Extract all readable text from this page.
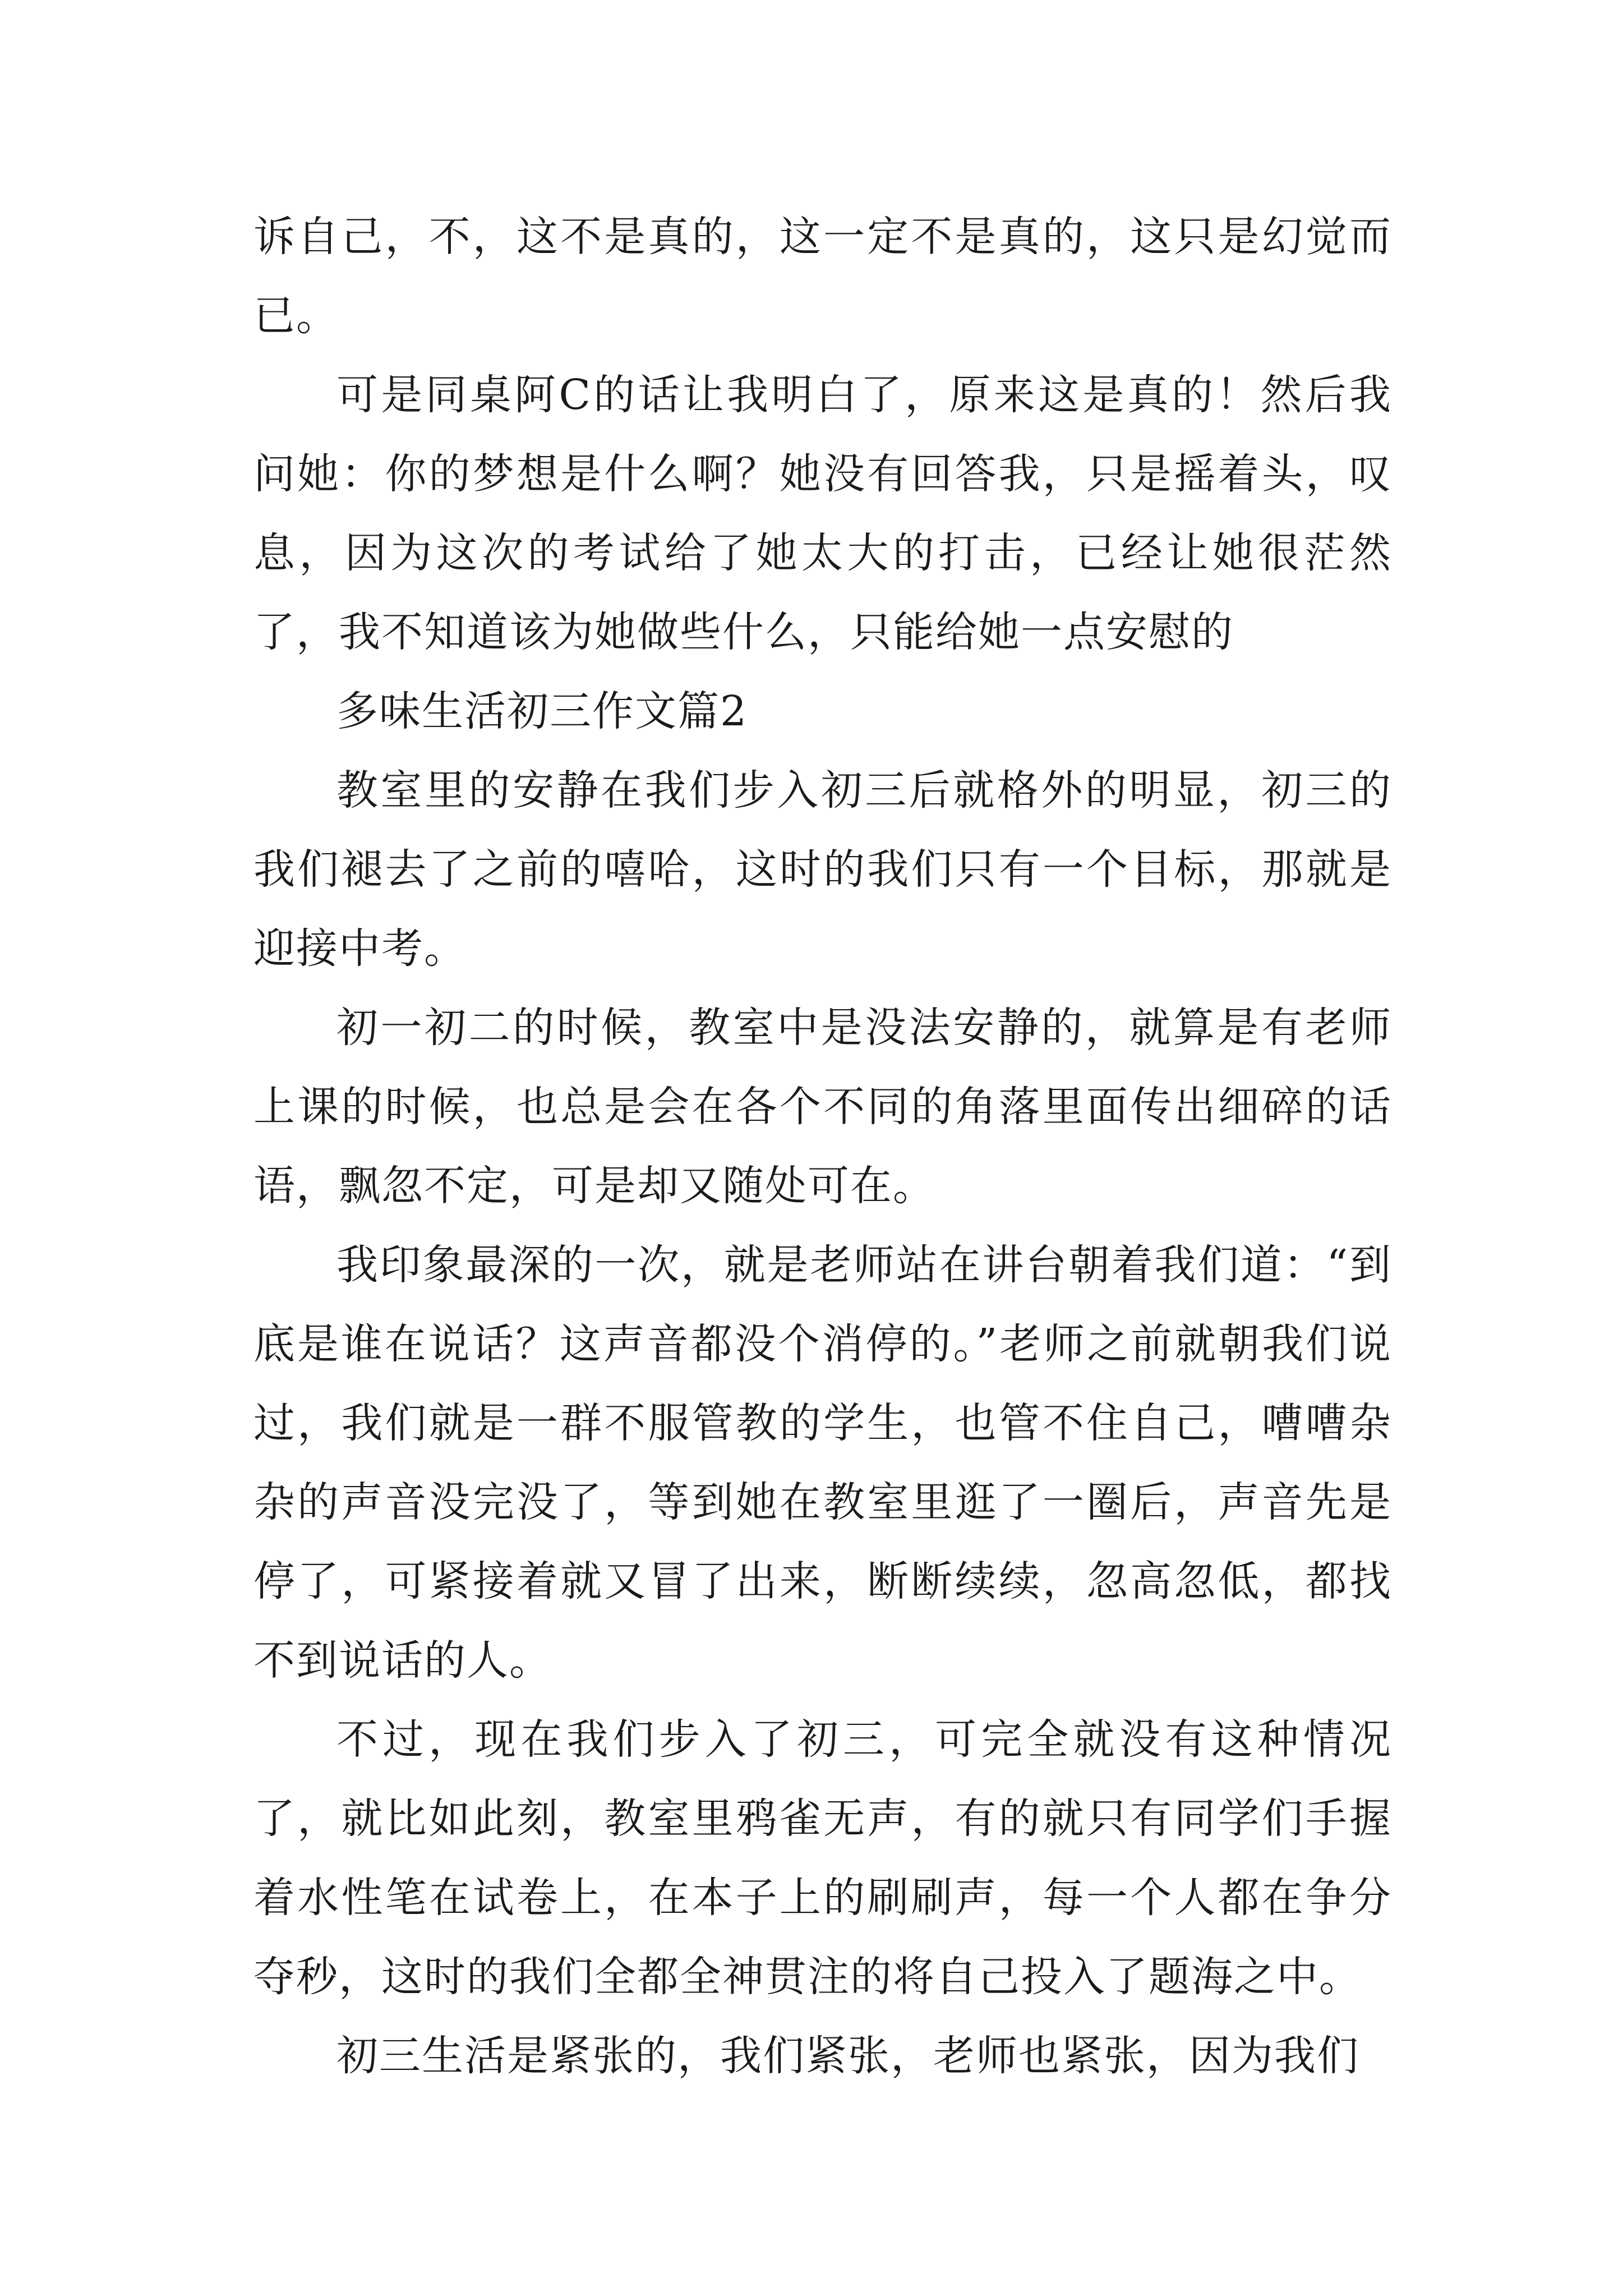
诉自己，不，这不是真的，这一定不是真的，这只是幻觉而已。

可是同桌阿C的话让我明白了，原来这是真的！然后我问她：你的梦想是什么啊？她没有回答我，只是摇着头，叹息，因为这次的考试给了她太大的打击，已经让她很茫然了，我不知道该为她做些什么，只能给她一点安慰的

多味生活初三作文篇2

教室里的安静在我们步入初三后就格外的明显，初三的我们褪去了之前的嘻哈，这时的我们只有一个目标，那就是迎接中考。

初一初二的时候，教室中是没法安静的，就算是有老师上课的时候，也总是会在各个不同的角落里面传出细碎的话语，飘忽不定，可是却又随处可在。

我印象最深的一次，就是老师站在讲台朝着我们道：“到底是谁在说话？这声音都没个消停的。”老师之前就朝我们说过，我们就是一群不服管教的学生，也管不住自己，嘈嘈杂杂的声音没完没了，等到她在教室里逛了一圈后，声音先是停了，可紧接着就又冒了出来，断断续续，忽高忽低，都找不到说话的人。

不过，现在我们步入了初三，可完全就没有这种情况了，就比如此刻，教室里鸦雀无声，有的就只有同学们手握着水性笔在试卷上，在本子上的刷刷声，每一个人都在争分夺秒，这时的我们全都全神贯注的将自己投入了题海之中。

初三生活是紧张的，我们紧张，老师也紧张，因为我们
